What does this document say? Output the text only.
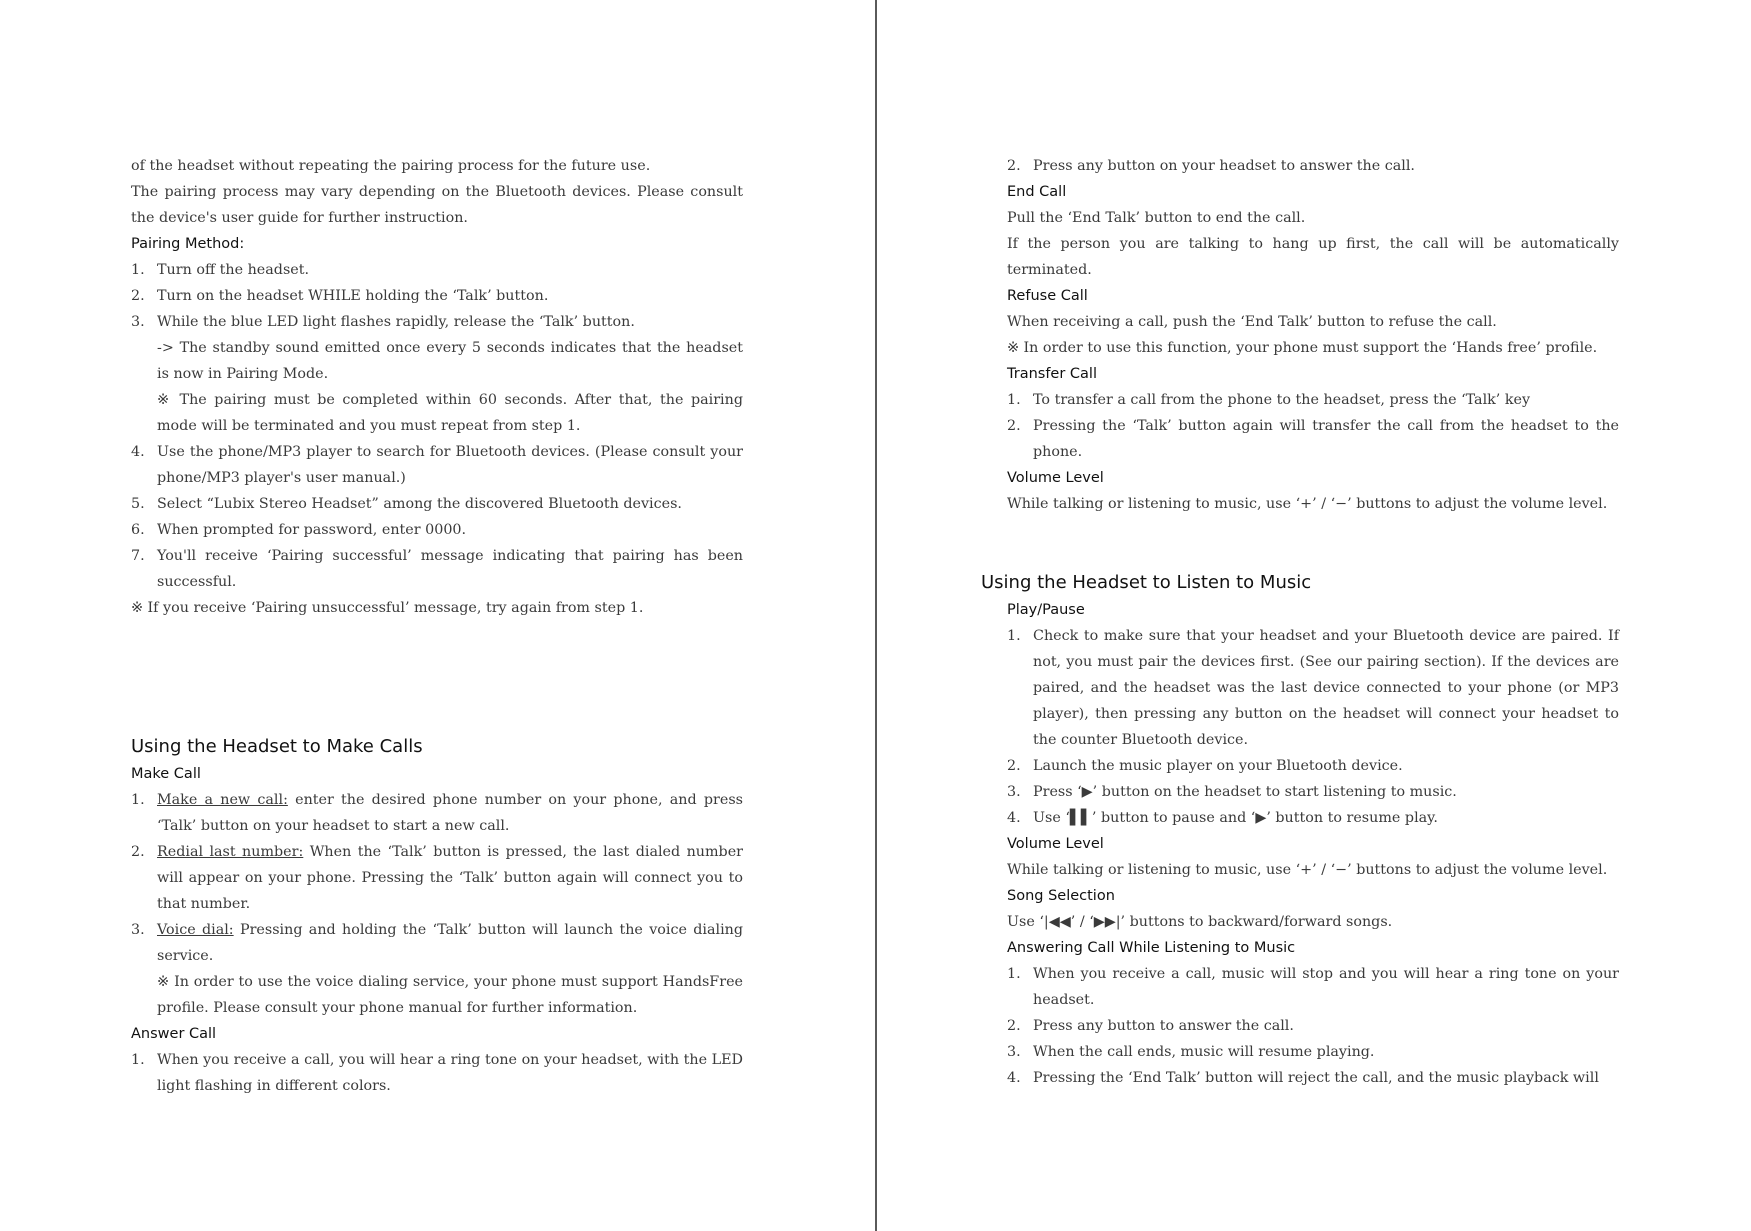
of the headset without repeating the pairing process for the future use.

The pairing process may vary depending on the Bluetooth devices. Please consult the device's user guide for further instruction.

Pairing Method:

1. Turn off the headset.
2. Turn on the headset WHILE holding the ‘Talk’ button.
3. While the blue LED light flashes rapidly, release the ‘Talk’ button.

-> The standby sound emitted once every 5 seconds indicates that the headset is now in Pairing Mode.

※ The pairing must be completed within 60 seconds. After that, the pairing mode will be terminated and you must repeat from step 1.

4. Use the phone/MP3 player to search for Bluetooth devices. (Please consult your phone/MP3 player's user manual.)
5. Select “Lubix Stereo Headset” among the discovered Bluetooth devices.
6. When prompted for password, enter 0000.
7. You'll receive ‘Pairing successful’ message indicating that pairing has been successful.

※ If you receive ‘Pairing unsuccessful’ message, try again from step 1.

Using the Headset to Make Calls

Make Call

1. Make a new call: enter the desired phone number on your phone, and press ‘Talk’ button on your headset to start a new call.
2. Redial last number: When the ‘Talk’ button is pressed, the last dialed number will appear on your phone. Pressing the ‘Talk’ button again will connect you to that number.
3. Voice dial: Pressing and holding the ‘Talk’ button will launch the voice dialing service.

※ In order to use the voice dialing service, your phone must support HandsFree profile. Please consult your phone manual for further information.

Answer Call

1. When you receive a call, you will hear a ring tone on your headset, with the LED light flashing in different colors.
2. Press any button on your headset to answer the call.

End Call

Pull the ‘End Talk’ button to end the call.

If the person you are talking to hang up first, the call will be automatically terminated.

Refuse Call

When receiving a call, push the ‘End Talk’ button to refuse the call.

※ In order to use this function, your phone must support the ‘Hands free’ profile.

Transfer Call

1. To transfer a call from the phone to the headset, press the ‘Talk’ key
2. Pressing the ‘Talk’ button again will transfer the call from the headset to the phone.

Volume Level

While talking or listening to music, use ‘+’ / ‘−’ buttons to adjust the volume level.

Using the Headset to Listen to Music

Play/Pause

1. Check to make sure that your headset and your Bluetooth device are paired. If not, you must pair the devices first. (See our pairing section). If the devices are paired, and the headset was the last device connected to your phone (or MP3 player), then pressing any button on the headset will connect your headset to the counter Bluetooth device.
2. Launch the music player on your Bluetooth device.
3. Press ‘▶’ button on the headset to start listening to music.
4. Use ‘▌▌’ button to pause and ‘▶’ button to resume play.

Volume Level

While talking or listening to music, use ‘+’ / ‘−’ buttons to adjust the volume level.

Song Selection

Use ‘|◀◀’ / ‘▶▶|’ buttons to backward/forward songs.

Answering Call While Listening to Music

1. When you receive a call, music will stop and you will hear a ring tone on your headset.
2. Press any button to answer the call.
3. When the call ends, music will resume playing.
4. Pressing the ‘End Talk’ button will reject the call, and the music playback will
